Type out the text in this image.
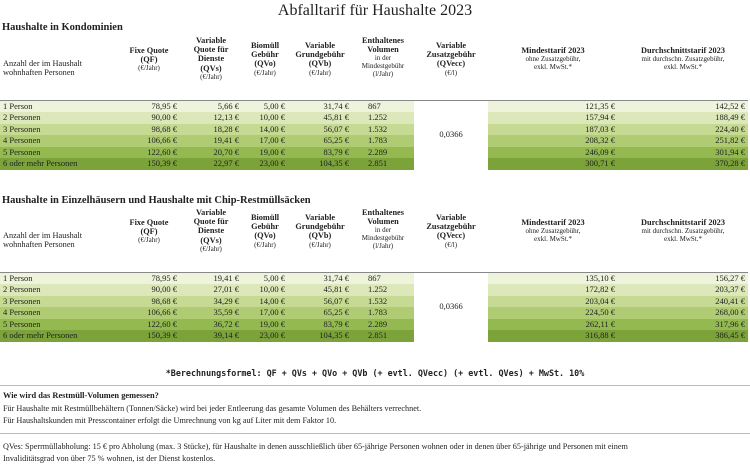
Abfalltarif für Haushalte 2023
Haushalte in Kondominien
Anzahl der im Haushalt
wohnhaften Personen	Fixe Quote
(QF)
(€/Jahr)	Variable
Quote für
Dienste
(QVs)
(€/Jahr)	Biomüll
Gebühr
(QVo)
(€/Jahr)	Variable
Grundgebühr
(QVb)
(€/Jahr)	Enthaltenes
Volumen
in der
Mindestgebühr
(l/Jahr)	Variable
Zusatzgebühr
(QVecc)
(€/l)	Mindesttarif 2023
ohne Zusatzgebühr,
exkl. MwSt.*	Durchschnittstarif 2023
mit durchschn. Zusatzgebühr,
exkl. MwSt.*

1 Person	78,95 €	5,66 €	5,00 €	31,74 €	867	0,0366	121,35 €	142,52 €
2 Personen	90,00 €	12,13 €	10,00 €	45,81 €	1.252		157,94 €	188,49 €
3 Personen	98,68 €	18,28 €	14,00 €	56,07 €	1.532		187,03 €	224,40 €
4 Personen	106,66 €	19,41 €	17,00 €	65,25 €	1.783		208,32 €	251,82 €
5 Personen	122,60 €	20,70 €	19,00 €	83,79 €	2.289		246,09 €	301,94 €
6 oder mehr Personen	150,39 €	22,97 €	23,00 €	104,35 €	2.851		300,71 €	370,28 €
Haushalte in Einzelhäusern und Haushalte mit Chip-Restmüllsäcken
Anzahl der im Haushalt
wohnhaften Personen	Fixe Quote
(QF)
(€/Jahr)	Variable
Quote für
Dienste
(QVs)
(€/Jahr)	Biomüll
Gebühr
(QVo)
(€/Jahr)	Variable
Grundgebühr
(QVb)
(€/Jahr)	Enthaltenes
Volumen
in der
Mindestgebühr
(l/Jahr)	Variable
Zusatzgebühr
(QVecc)
(€/l)	Mindesttarif 2023
ohne Zusatzgebühr,
exkl. MwSt.*	Durchschnittstarif 2023
mit durchschn. Zusatzgebühr,
exkl. MwSt.*

1 Person	78,95 €	19,41 €	5,00 €	31,74 €	867	0,0366	135,10 €	156,27 €
2 Personen	90,00 €	27,01 €	10,00 €	45,81 €	1.252		172,82 €	203,37 €
3 Personen	98,68 €	34,29 €	14,00 €	56,07 €	1.532		203,04 €	240,41 €
4 Personen	106,66 €	35,59 €	17,00 €	65,25 €	1.783		224,50 €	268,00 €
5 Personen	122,60 €	36,72 €	19,00 €	83,79 €	2.289		262,11 €	317,96 €
6 oder mehr Personen	150,39 €	39,14 €	23,00 €	104,35 €	2.851		316,88 €	386,45 €
*Berechnungsformel: QF + QVs + QVo + QVb (+ evtl. QVecc) (+ evtl. QVes) + MwSt. 10%
Wie wird das Restmüll-Volumen gemessen?
Für Haushalte mit Restmüllbehältern (Tonnen/Säcke) wird bei jeder Entleerung das gesamte Volumen des Behälters verrechnet.
Für Haushaltskunden mit Presscontainer erfolgt die Umrechnung von kg auf Liter mit dem Faktor 10.
QVes: Sperrmüllabholung: 15 € pro Abholung (max. 3 Stücke), für Haushalte in denen ausschließlich über 65-jährige Personen wohnen oder in denen über 65-jährige und Personen mit einem
Invaliditätsgrad von über 75 % wohnen, ist der Dienst kostenlos.
